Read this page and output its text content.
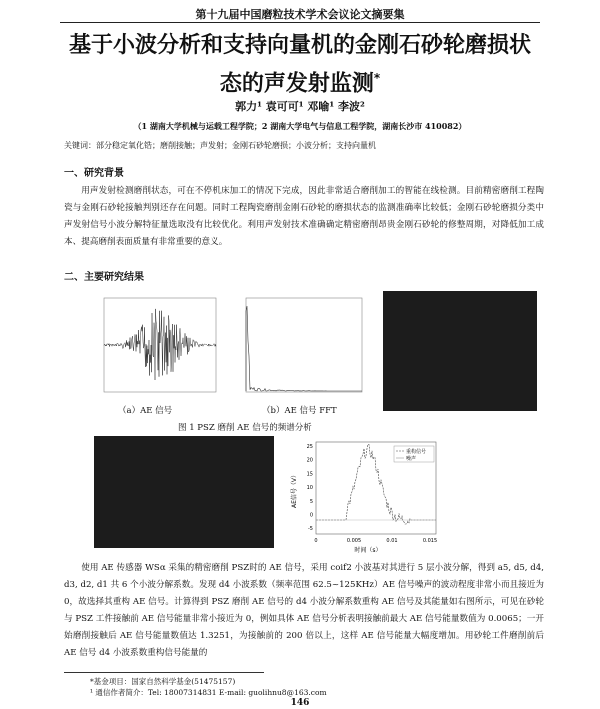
第十九届中国磨粒技术学术会议论文摘要集
基于小波分析和支持向量机的金刚石砂轮磨损状
态的声发射监测*
郭力¹ 袁可可¹ 邓喻¹ 李波²
（1 湖南大学机械与运载工程学院；2 湖南大学电气与信息工程学院，湖南长沙市 410082）
关键词：部分稳定氧化锆；磨削接触；声发射；金刚石砂轮磨损；小波分析；支持向量机
一、研究背景

用声发射检测磨削状态，可在不停机床加工的情况下完成，因此非常适合磨削加工的智能在线检测。目前精密磨削工程陶瓷与金刚石砂轮接触判别还存在问题。同时工程陶瓷磨削金刚石砂轮的磨损状态的监测准确率比较低；金刚石砂轮磨损分类中声发射信号小波分解特征量选取没有比较优化。利用声发射技术准确确定精密磨削昂贵金刚石砂轮的修整周期，对降低加工成本、提高磨削表面质量有非常重要的意义。

二、主要研究结果
（a）AE 信号	（b）AE 信号 FFT
图 1 PSZ 磨削 AE 信号的频谱分析
25
20
15
10
5
0
-5
0	0.005	0.01	0.015
重构信号
噪声
AE信号（V）
时间（s）

使用 AE 传感器 WSα 采集的精密磨削 PSZ时的 AE 信号，采用 coif2 小波基对其进行 5 层小波分解，得到 a5, d5, d4, d3, d2, d1 共 6 个小波分解系数。发现 d4 小波系数（频率范围 62.5~125KHz）AE 信号噪声的波动程度非常小而且接近为 0，故选择其重构 AE 信号。计算得到 PSZ 磨削 AE 信号的 d4 小波分解系数重构 AE 信号及其能量如右图所示，可见在砂轮与 PSZ 工件接触前 AE 信号能量非常小接近为 0，例如具体 AE 信号分析表明接触前最大 AE 信号能量数值为 0.0065；一开始磨削接触后 AE 信号能量数值达 1.3251，为接触前的 200 倍以上，这样 AE 信号能量大幅度增加。用砂轮工件磨削前后 AE 信号 d4 小波系数重构信号能量的

*基金项目：国家自然科学基金(51475157)
¹ 通信作者简介：Tel: 18007314831 E-mail: guolihnu8@163.com
146
